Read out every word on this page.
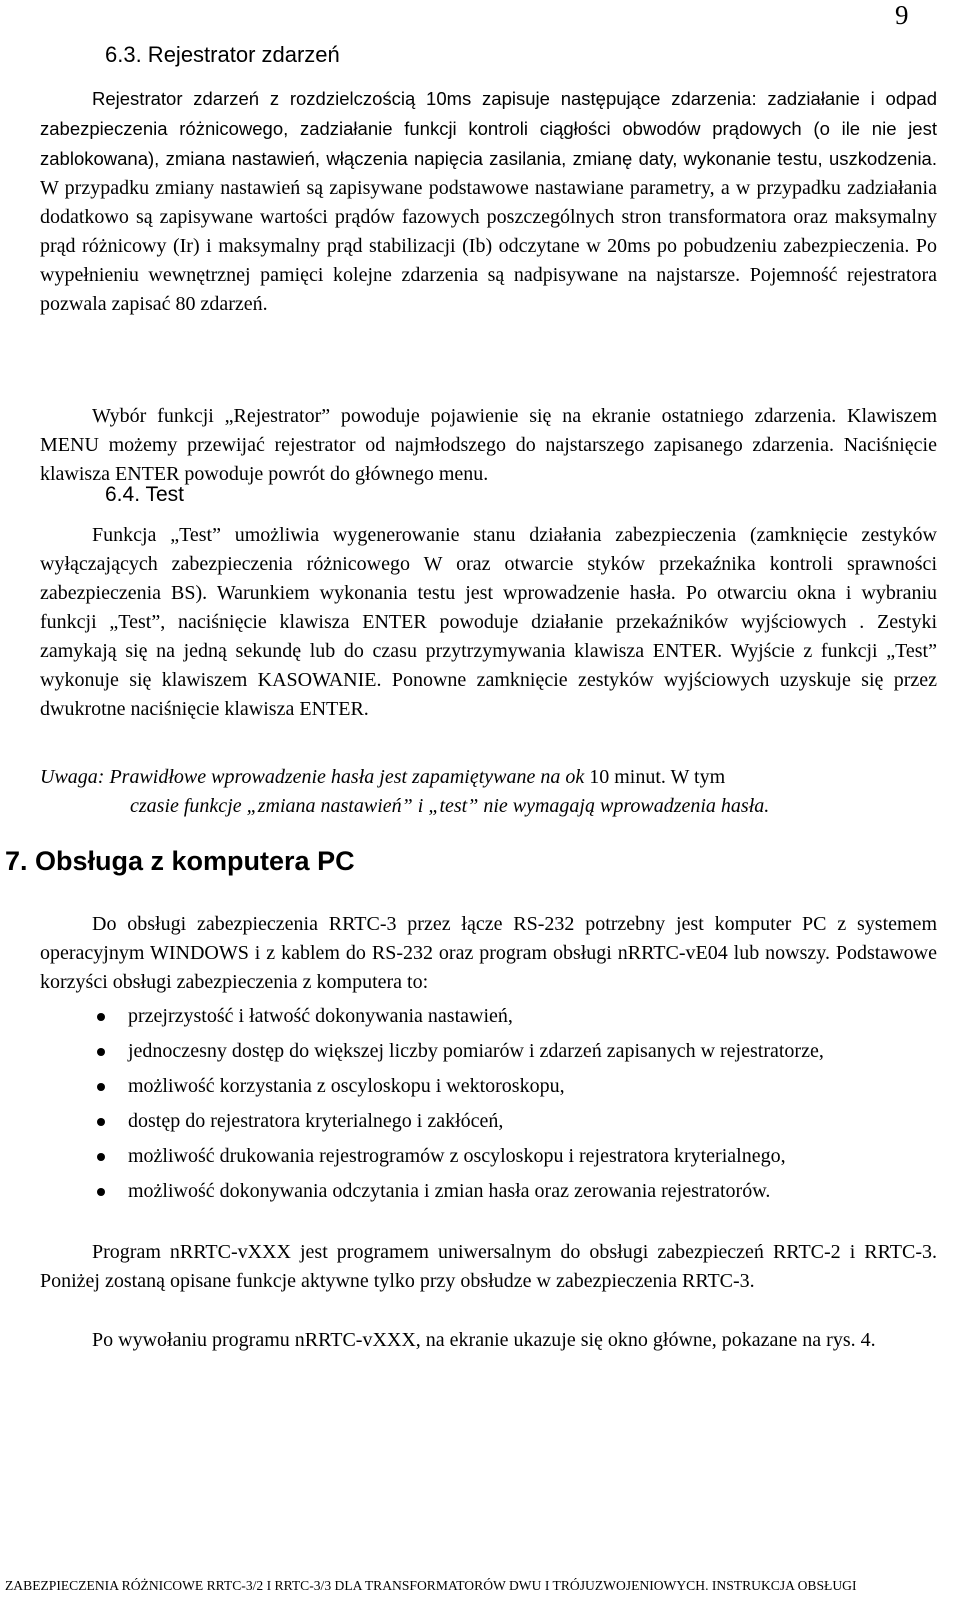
9
6.3. Rejestrator zdarzeń

Rejestrator zdarzeń z rozdzielczością 10ms zapisuje następujące zdarzenia: zadziałanie i odpad zabezpieczenia różnicowego, zadziałanie funkcji kontroli ciągłości obwodów prądowych (o ile nie jest zablokowana), zmiana nastawień, włączenia napięcia zasilania, zmianę daty, wykonanie testu, uszkodzenia. W przypadku zmiany nastawień są zapisywane podstawowe nastawiane parametry, a w przypadku zadziałania dodatkowo są zapisywane wartości prądów fazowych poszczególnych stron transformatora oraz maksymalny prąd różnicowy (Ir) i maksymalny prąd stabilizacji (Ib) odczytane w 20ms po pobudzeniu zabezpieczenia. Po wypełnieniu wewnętrznej pamięci kolejne zdarzenia są nadpisywane na najstarsze. Pojemność rejestratora pozwala zapisać 80 zdarzeń.

Wybór funkcji „Rejestrator” powoduje pojawienie się na ekranie ostatniego zdarzenia. Klawiszem MENU możemy przewijać rejestrator od najmłodszego do najstarszego zapisanego zdarzenia. Naciśnięcie klawisza ENTER powoduje powrót do głównego menu.

6.4. Test

Funkcja „Test” umożliwia wygenerowanie stanu działania zabezpieczenia (zamknięcie zestyków wyłączających zabezpieczenia różnicowego W oraz otwarcie styków przekaźnika kontroli sprawności zabezpieczenia BS). Warunkiem wykonania testu jest wprowadzenie hasła. Po otwarciu okna i wybraniu funkcji „Test”, naciśnięcie klawisza ENTER powoduje działanie przekaźników wyjściowych . Zestyki zamykają się na jedną sekundę lub do czasu przytrzymywania klawisza ENTER. Wyjście z funkcji „Test” wykonuje się klawiszem KASOWANIE. Ponowne zamknięcie zestyków wyjściowych uzyskuje się przez dwukrotne naciśnięcie klawisza ENTER.

Uwaga: Prawidłowe wprowadzenie hasła jest zapamiętywane na ok 10 minut. W tym
czasie funkcje „zmiana nastawień” i „test” nie wymagają wprowadzenia hasła.
7. Obsługa z komputera PC

Do obsługi zabezpieczenia RRTC-3 przez łącze RS-232 potrzebny jest komputer PC z systemem operacyjnym WINDOWS i z kablem do RS-232 oraz program obsługi nRRTC-vE04 lub nowszy. Podstawowe korzyści obsługi zabezpieczenia z komputera to:

przejrzystość i łatwość dokonywania nastawień,
jednoczesny dostęp do większej liczby pomiarów i zdarzeń zapisanych w rejestratorze,
możliwość korzystania z oscyloskopu i wektoroskopu,
dostęp do rejestratora kryterialnego i zakłóceń,
możliwość drukowania rejestrogramów z oscyloskopu i rejestratora kryterialnego,
możliwość dokonywania odczytania i zmian hasła oraz zerowania rejestratorów.

Program nRRTC-vXXX jest programem uniwersalnym do obsługi zabezpieczeń RRTC-2 i RRTC-3. Poniżej zostaną opisane funkcje aktywne tylko przy obsłudze w zabezpieczenia RRTC-3.

Po wywołaniu programu nRRTC-vXXX, na ekranie ukazuje się okno główne, pokazane na rys. 4.

ZABEZPIECZENIA RÓŻNICOWE RRTC-3/2 I RRTC-3/3 DLA TRANSFORMATORÓW DWU I TRÓJUZWOJENIOWYCH. INSTRUKCJA OBSŁUGI
